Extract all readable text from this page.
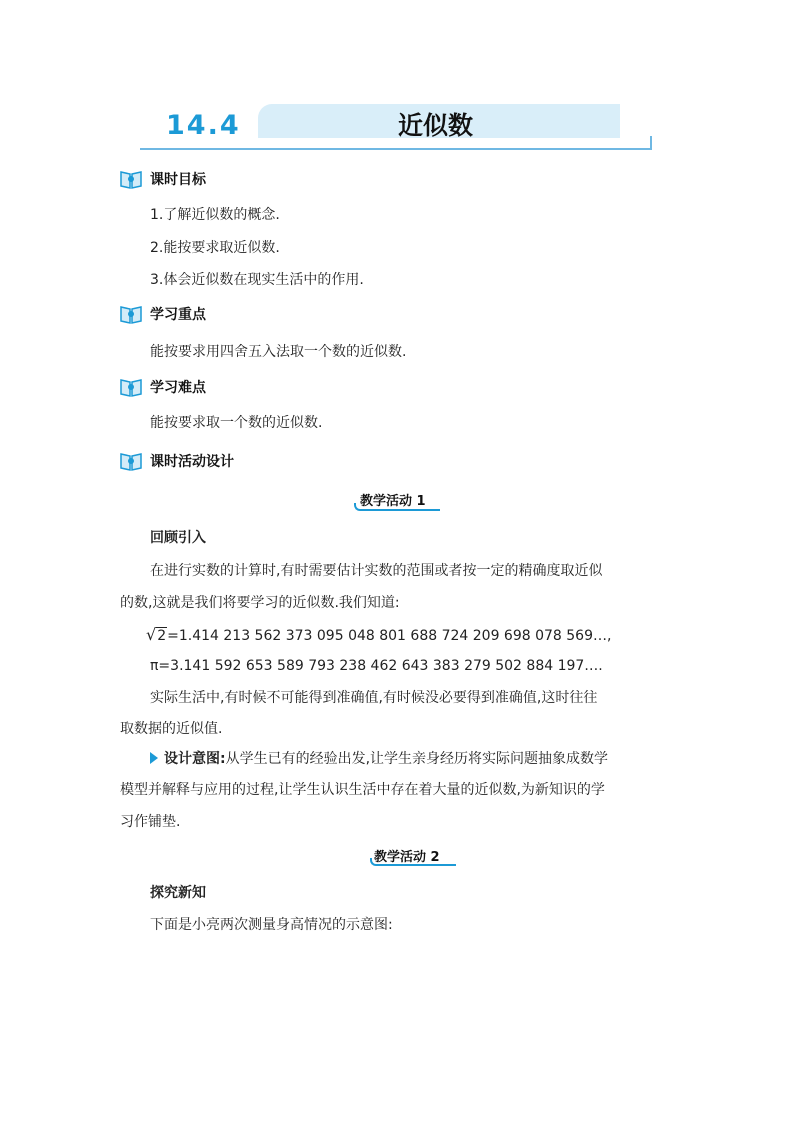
14.4	近似数
课时目标
1.了解近似数的概念.
2.能按要求取近似数.
3.体会近似数在现实生活中的作用.
学习重点
能按要求用四舍五入法取一个数的近似数.
学习难点
能按要求取一个数的近似数.
课时活动设计
教学活动 1
回顾引入
在进行实数的计算时,有时需要估计实数的范围或者按一定的精确度取近似
的数,这就是我们将要学习的近似数.我们知道:
√2=1.414 213 562 373 095 048 801 688 724 209 698 078 569…,
π=3.141 592 653 589 793 238 462 643 383 279 502 884 197….
实际生活中,有时候不可能得到准确值,有时候没必要得到准确值,这时往往
取数据的近似值.
设计意图:从学生已有的经验出发,让学生亲身经历将实际问题抽象成数学
模型并解释与应用的过程,让学生认识生活中存在着大量的近似数,为新知识的学
习作铺垫.
教学活动 2
探究新知
下面是小亮两次测量身高情况的示意图:
